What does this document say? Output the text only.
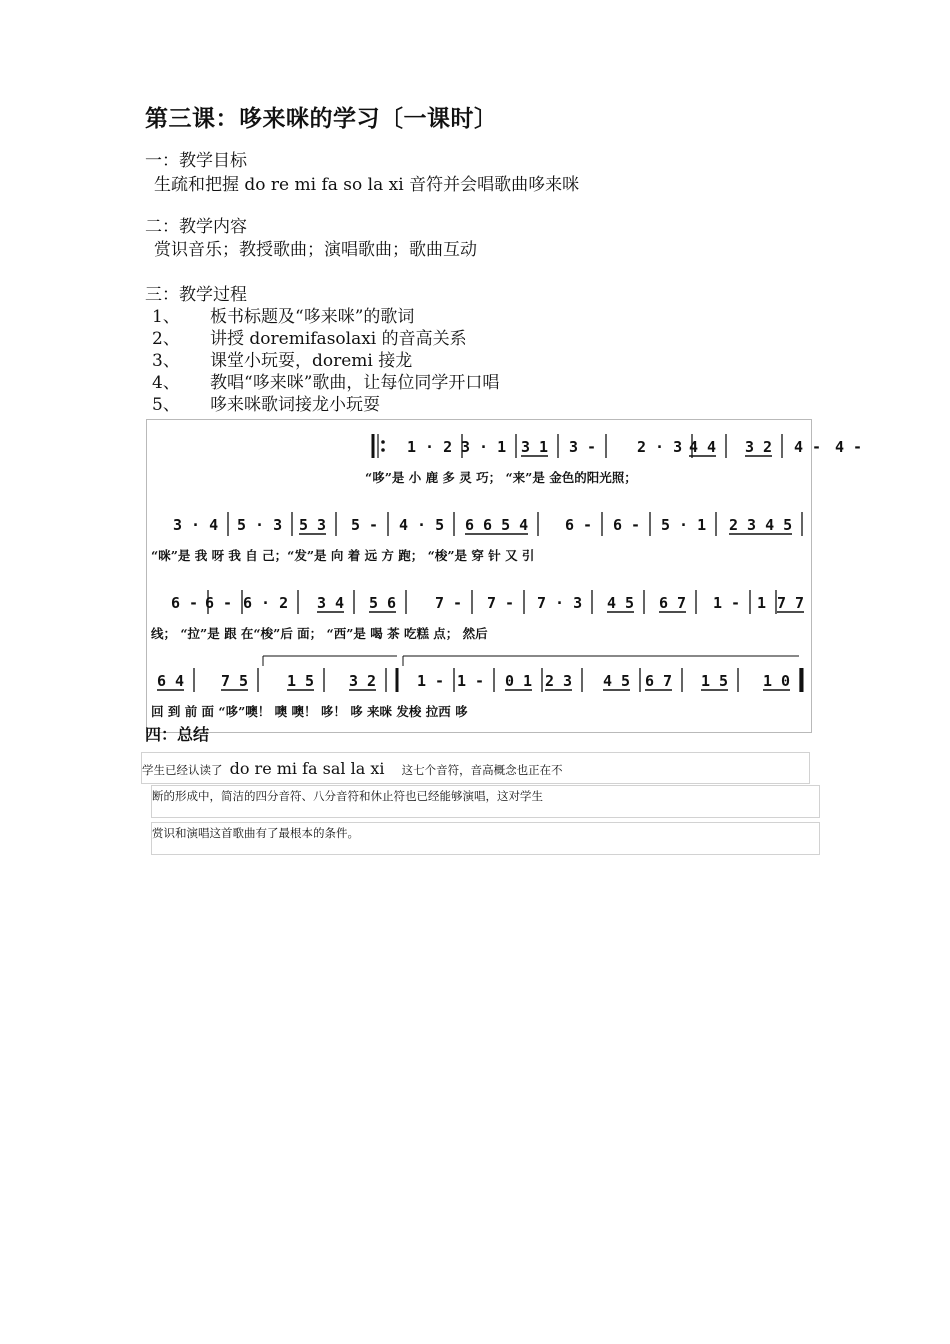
第三课：哆来咪的学习〔一课时〕
一：教学目标
生疏和把握 do re mi fa so la xi 音符并会唱歌曲哆来咪
二：教学内容
赏识音乐；教授歌曲；演唱歌曲；歌曲互动
三：教学过程
1、 板书标题及“哆来咪”的歌词
2、 讲授 doremifasolaxi 的音高关系
3、 课堂小玩耍，doremi 接龙
4、 教唱“哆来咪”歌曲，让每位同学开口唱
5、 哆来咪歌词接龙小玩耍
1 · 2 3 · 1 3 1 3 -	2 · 3 4 4 3 2 4 - 4 -
“哆”是 小 鹿 多 灵 巧； “来”是 金色的阳光照；
3 · 4 5 · 3 5 3 5 - 4 · 5 6 6 5 4 6 - 6 - 5 · 1 2 3 4 5
“咪”是 我 呀 我 自 己；“发”是 向 着 远 方 跑； “梭”是 穿 针 又 引
6 - 6 - 6 · 2 3 4 5 6	7 - 7 - 7 · 3 4 5 6 7 1 - 1 7 7
线； “拉”是 跟 在“梭”后 面； “西”是 喝 茶 吃糕 点； 然后
6 4 7 5	1 5 3 2	1 - 1 - 0 1 2 3 4 5 6 7 1 5 1 0
回 到 前 面 “哆”噢！ 噢 噢！ 哆！ 哆 来咪 发梭 拉西 哆
四：总结
学生已经认读了 do re mi fa sal la xi 这七个音符，音高概念也正在不
断的形成中，简洁的四分音符、八分音符和休止符也已经能够演唱，这对学生
赏识和演唱这首歌曲有了最根本的条件。
